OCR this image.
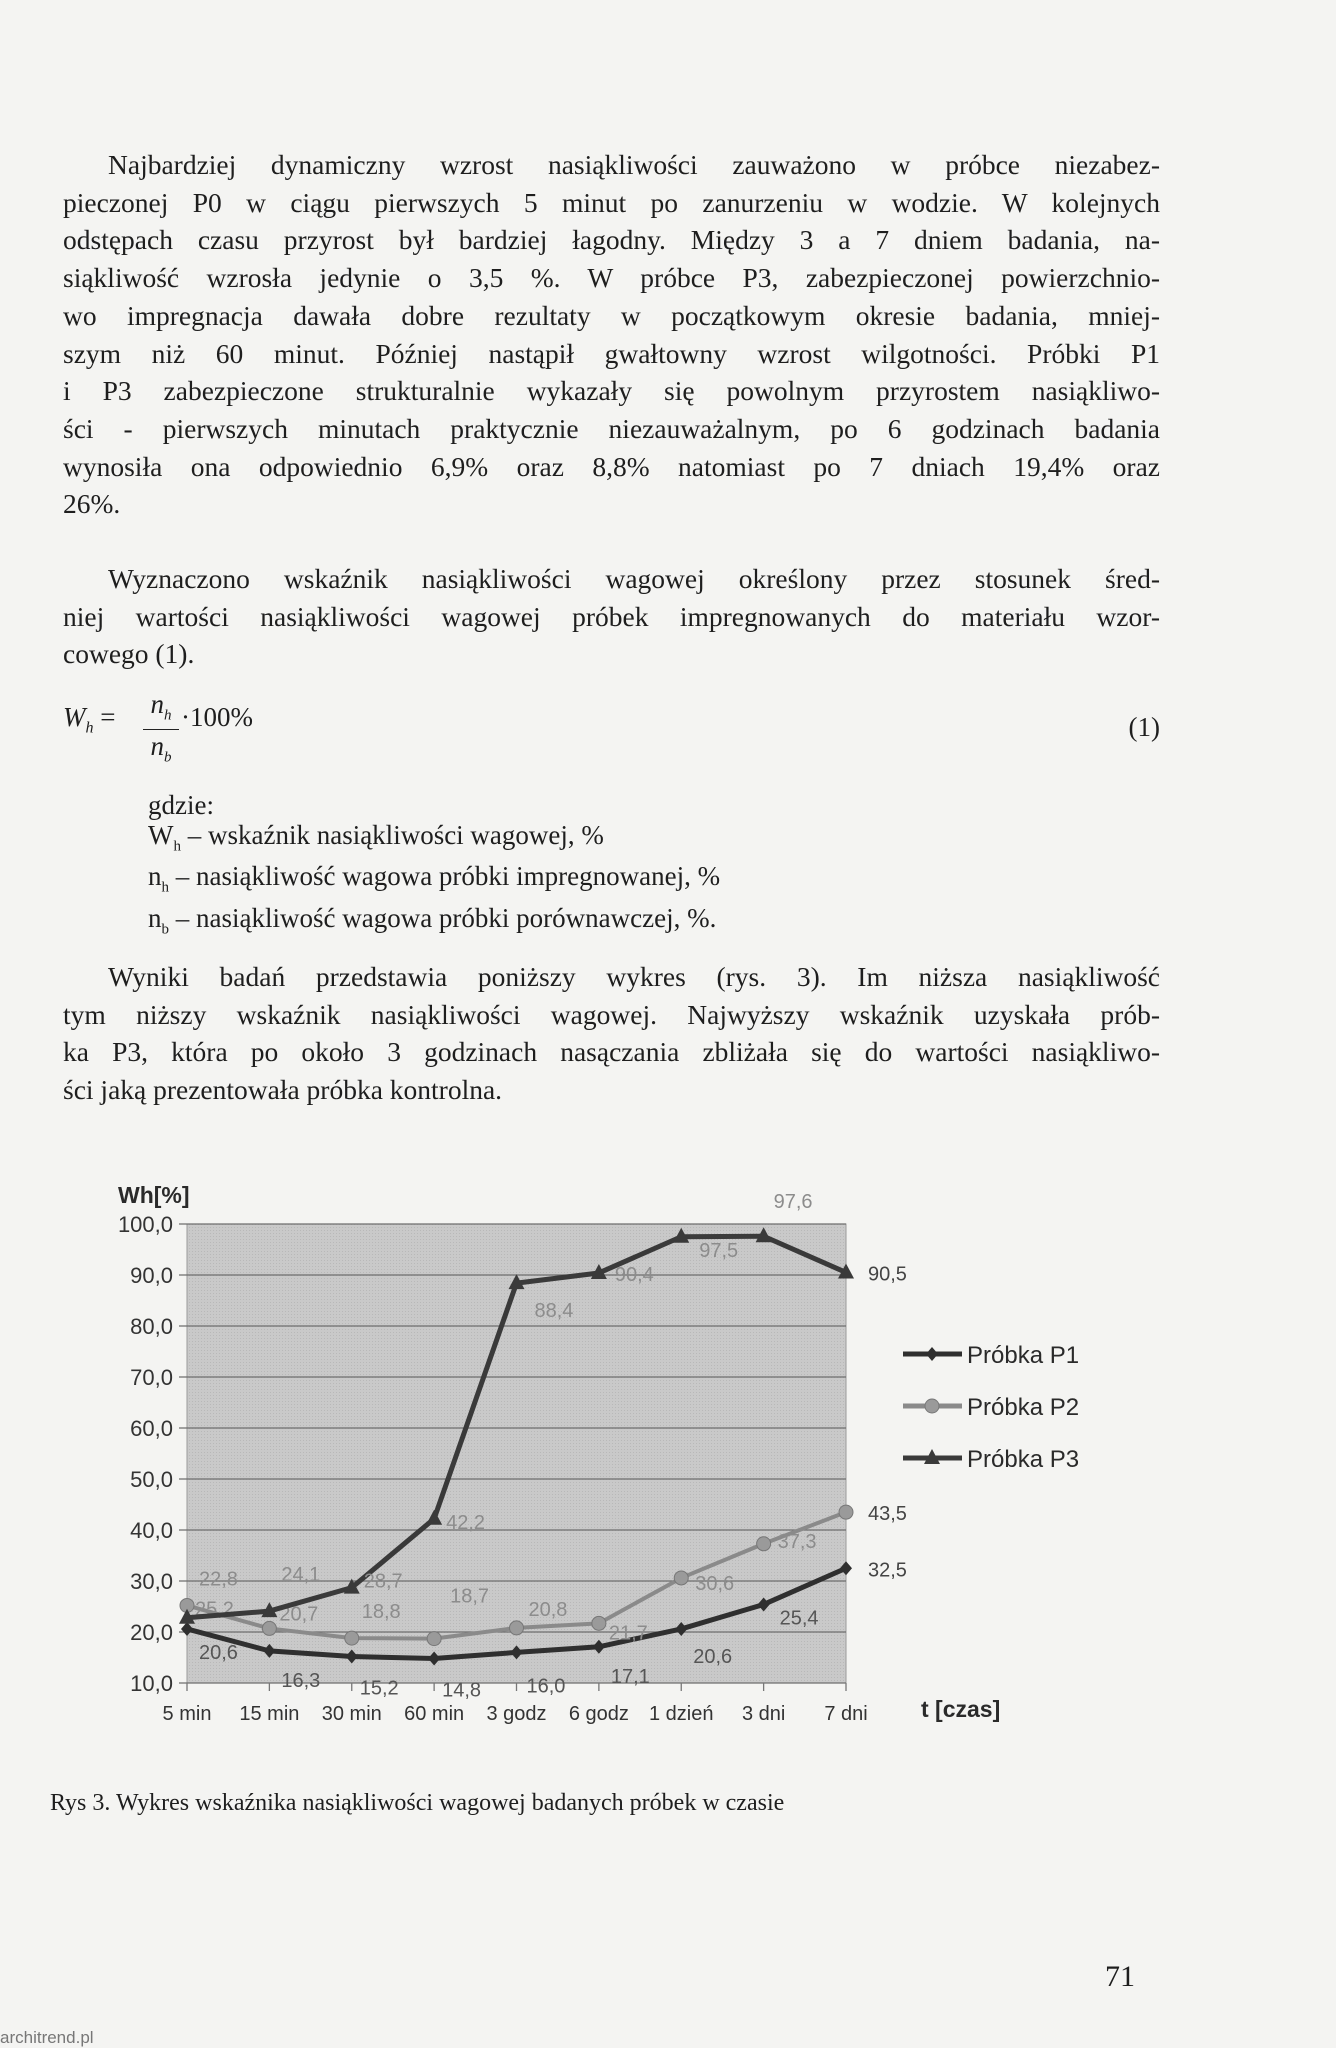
Najbardziej dynamiczny wzrost nasiąkliwości zauważono w próbce niezabez-
pieczonej P0 w ciągu pierwszych 5 minut po zanurzeniu w wodzie. W kolejnych
odstępach czasu przyrost był bardziej łagodny. Między 3 a 7 dniem badania, na-
siąkliwość wzrosła jedynie o 3,5 %. W próbce P3, zabezpieczonej powierzchnio-
wo impregnacja dawała dobre rezultaty w początkowym okresie badania, mniej-
szym niż 60 minut. Później nastąpił gwałtowny wzrost wilgotności. Próbki P1
i P3 zabezpieczone strukturalnie wykazały się powolnym przyrostem nasiąkliwo-
ści - pierwszych minutach praktycznie niezauważalnym, po 6 godzinach badania
wynosiła ona odpowiednio 6,9% oraz 8,8% natomiast po 7 dniach 19,4% oraz
26%.
Wyznaczono wskaźnik nasiąkliwości wagowej określony przez stosunek śred-
niej wartości nasiąkliwości wagowej próbek impregnowanych do materiału wzor-
cowego (1).
$W_h = \frac{n_h}{n_b} \cdot 100\%$	(1)
gdzie:
$W_h$ – wskaźnik nasiąkliwości wagowej, %
$n_h$ – nasiąkliwość wagowa próbki impregnowanej, %
$n_b$ – nasiąkliwość wagowa próbki porównawczej, %.
Wyniki badań przedstawia poniższy wykres (rys. 3). Im niższa nasiąkliwość
tym niższy wskaźnik nasiąkliwości wagowej. Najwyższy wskaźnik uzyskała prób-
ka P3, która po około 3 godzinach nasączania zbliżała się do wartości nasiąkliwo-
ści jaką prezentowała próbka kontrolna.
10,0
20,0
30,0
40,0
50,0
60,0
70,0
80,0
90,0
100,0
Wh[%]
5 min 15 min 30 min 60 min 3 godz 6 godz 1 dzień 3 dni 7 dni t [czas]
20,6
16,3 15,2 14,8 16,0 17,1
20,6
25,4
32,5
25,2 20,7 18,8
18,7
20,8
21,7
30,6
37,3
43,5
22,8 24,1 28,7
42,2
88,4
90,4
97,5
97,6
90,5
Próbka P1
Próbka P2
Próbka P3
Rys 3. Wykres wskaźnika nasiąkliwości wagowej badanych próbek w czasie
71
architrend.pl
